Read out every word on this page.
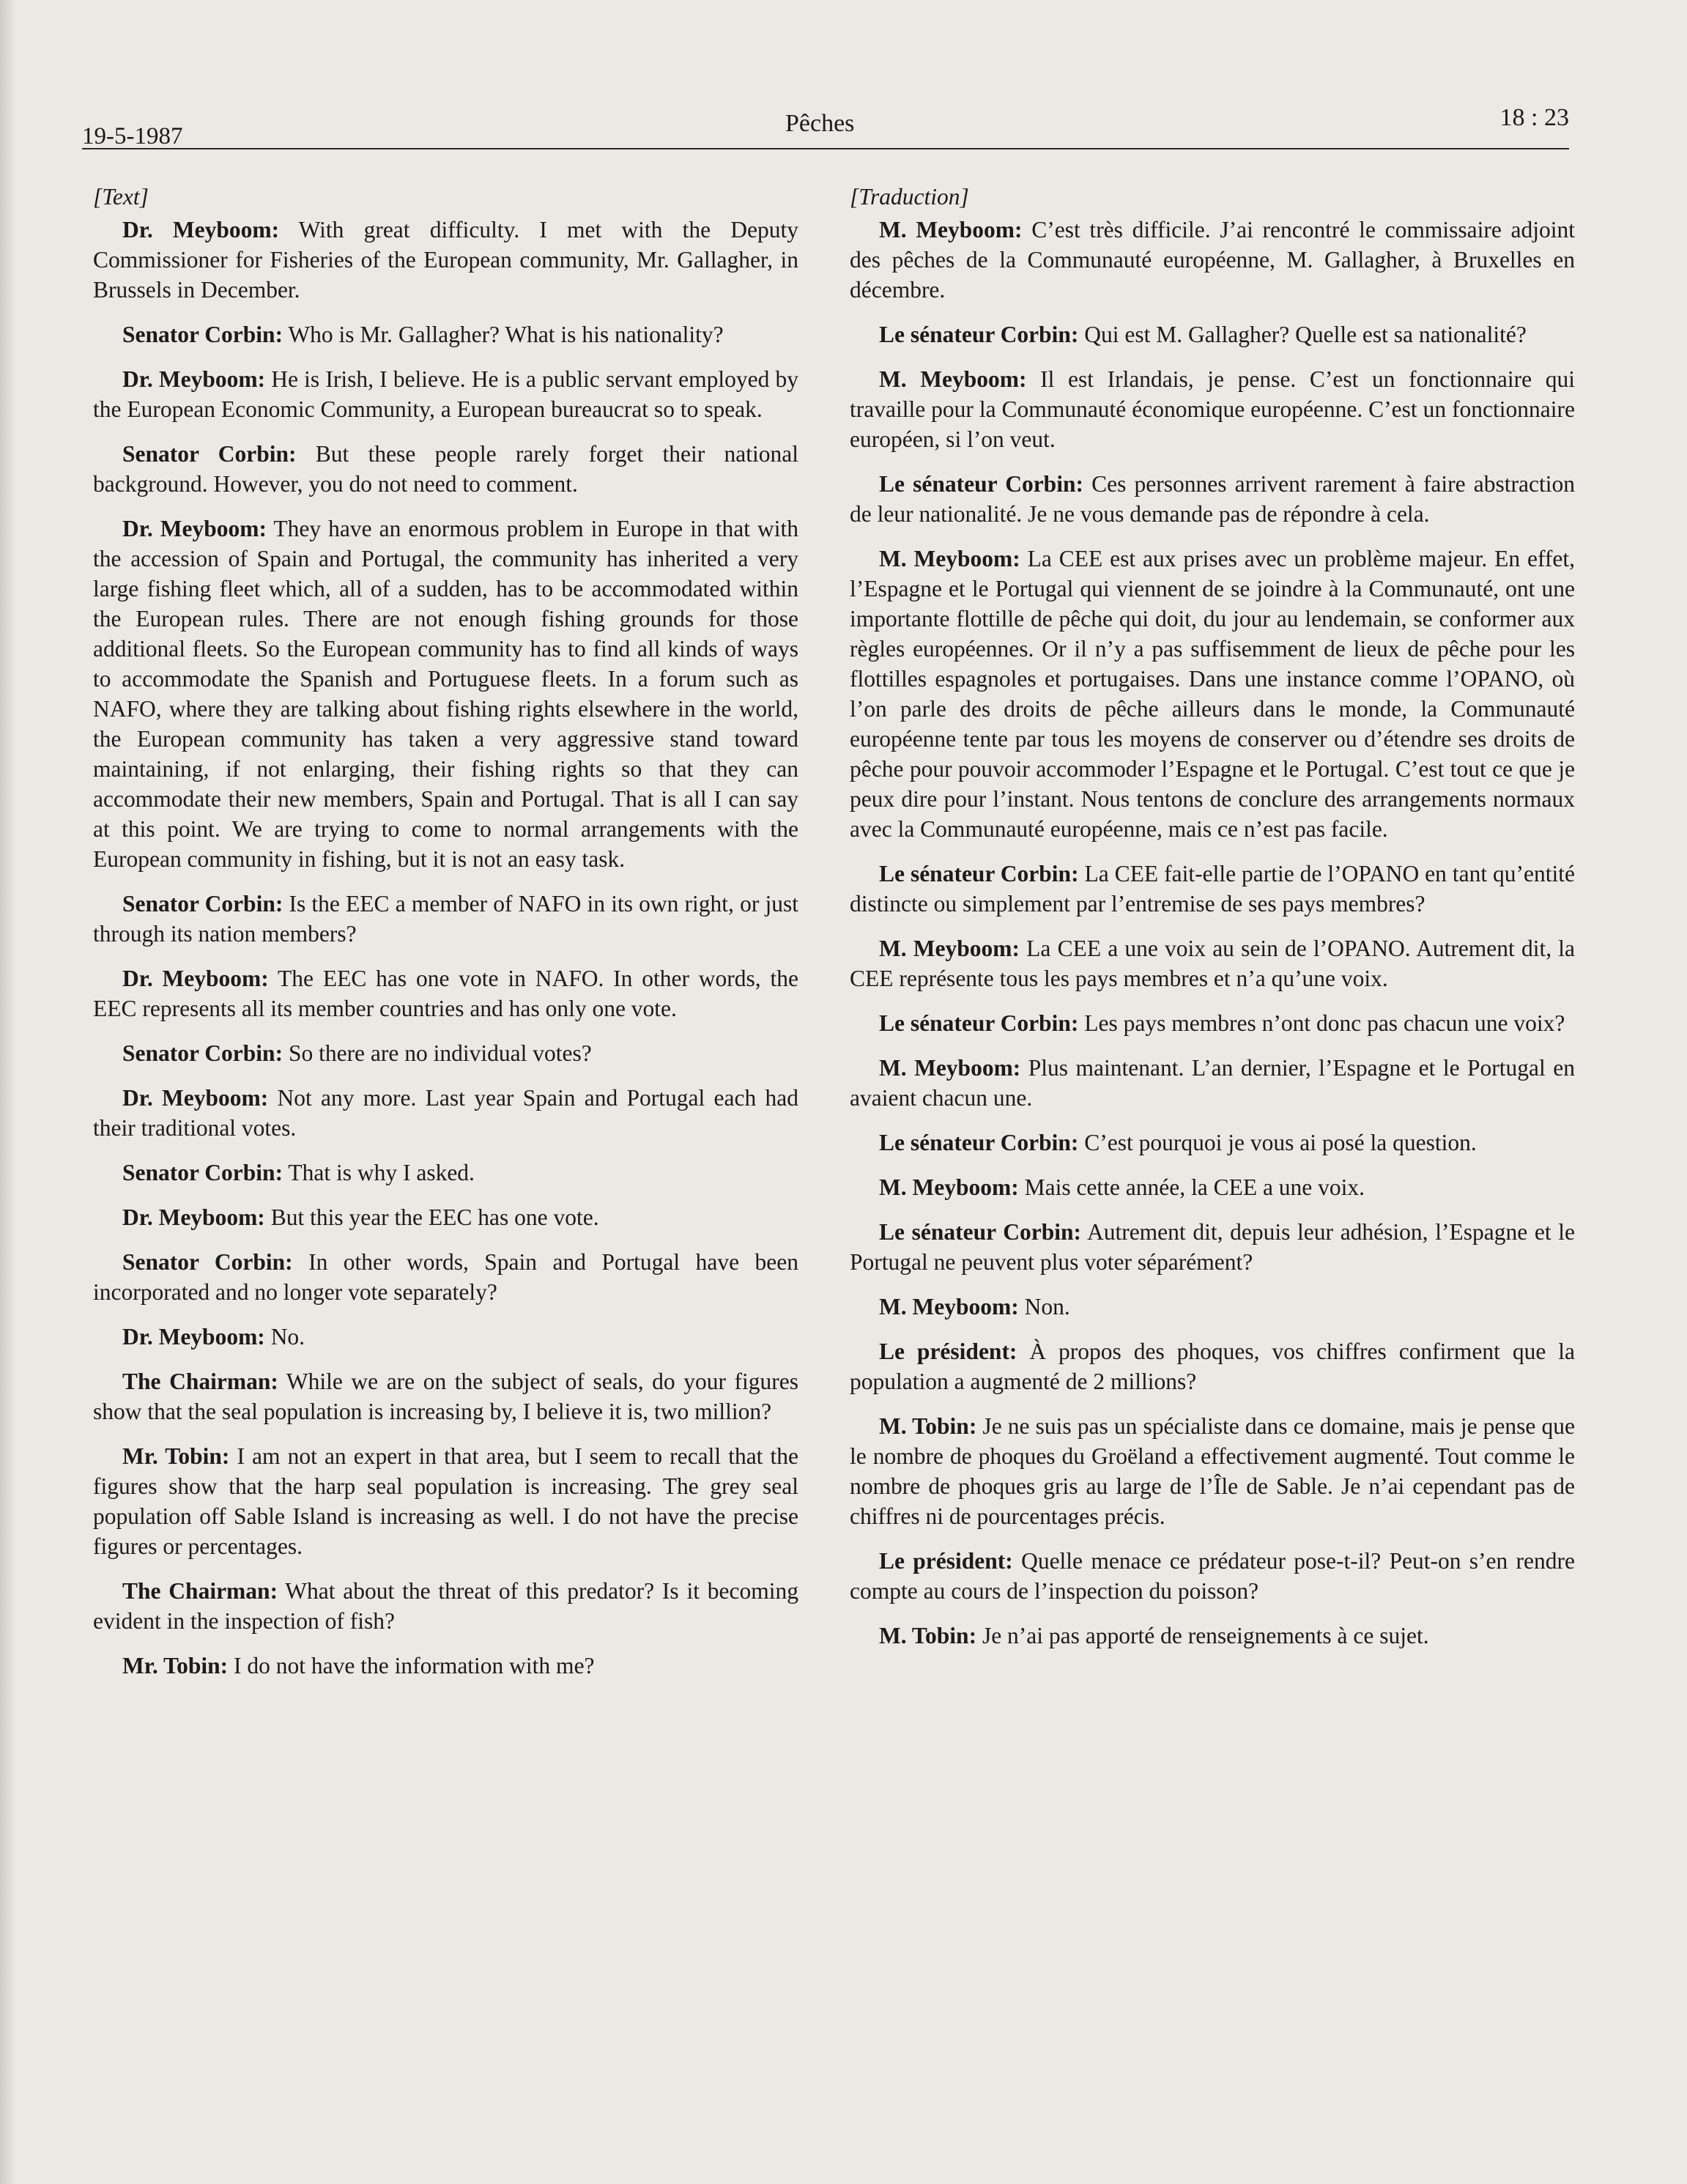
19-5-1987	Pêches	18 : 23
[Text]

Dr. Meyboom: With great difficulty. I met with the Deputy Commissioner for Fisheries of the European community, Mr. Gallagher, in Brussels in December.

Senator Corbin: Who is Mr. Gallagher? What is his nationality?

Dr. Meyboom: He is Irish, I believe. He is a public servant employed by the European Economic Community, a European bureaucrat so to speak.

Senator Corbin: But these people rarely forget their national background. However, you do not need to comment.

Dr. Meyboom: They have an enormous problem in Europe in that with the accession of Spain and Portugal, the community has inherited a very large fishing fleet which, all of a sudden, has to be accommodated within the European rules. There are not enough fishing grounds for those additional fleets. So the European community has to find all kinds of ways to accommodate the Spanish and Portuguese fleets. In a forum such as NAFO, where they are talking about fishing rights elsewhere in the world, the European community has taken a very aggressive stand toward maintaining, if not enlarging, their fishing rights so that they can accommodate their new members, Spain and Portugal. That is all I can say at this point. We are trying to come to normal arrangements with the European community in fishing, but it is not an easy task.

Senator Corbin: Is the EEC a member of NAFO in its own right, or just through its nation members?

Dr. Meyboom: The EEC has one vote in NAFO. In other words, the EEC represents all its member countries and has only one vote.

Senator Corbin: So there are no individual votes?

Dr. Meyboom: Not any more. Last year Spain and Portugal each had their traditional votes.

Senator Corbin: That is why I asked.

Dr. Meyboom: But this year the EEC has one vote.

Senator Corbin: In other words, Spain and Portugal have been incorporated and no longer vote separately?

Dr. Meyboom: No.

The Chairman: While we are on the subject of seals, do your figures show that the seal population is increasing by, I believe it is, two million?

Mr. Tobin: I am not an expert in that area, but I seem to recall that the figures show that the harp seal population is increasing. The grey seal population off Sable Island is increasing as well. I do not have the precise figures or percentages.

The Chairman: What about the threat of this predator? Is it becoming evident in the inspection of fish?

Mr. Tobin: I do not have the information with me?

[Traduction]

M. Meyboom: C’est très difficile. J’ai rencontré le commissaire adjoint des pêches de la Communauté européenne, M. Gallagher, à Bruxelles en décembre.

Le sénateur Corbin: Qui est M. Gallagher? Quelle est sa nationalité?

M. Meyboom: Il est Irlandais, je pense. C’est un fonctionnaire qui travaille pour la Communauté économique européenne. C’est un fonctionnaire européen, si l’on veut.

Le sénateur Corbin: Ces personnes arrivent rarement à faire abstraction de leur nationalité. Je ne vous demande pas de répondre à cela.

M. Meyboom: La CEE est aux prises avec un problème majeur. En effet, l’Espagne et le Portugal qui viennent de se joindre à la Communauté, ont une importante flottille de pêche qui doit, du jour au lendemain, se conformer aux règles européennes. Or il n’y a pas suffisemment de lieux de pêche pour les flottilles espagnoles et portugaises. Dans une instance comme l’OPANO, où l’on parle des droits de pêche ailleurs dans le monde, la Communauté européenne tente par tous les moyens de conserver ou d’étendre ses droits de pêche pour pouvoir accommoder l’Espagne et le Portugal. C’est tout ce que je peux dire pour l’instant. Nous tentons de conclure des arrangements normaux avec la Communauté européenne, mais ce n’est pas facile.

Le sénateur Corbin: La CEE fait-elle partie de l’OPANO en tant qu’entité distincte ou simplement par l’entremise de ses pays membres?

M. Meyboom: La CEE a une voix au sein de l’OPANO. Autrement dit, la CEE représente tous les pays membres et n’a qu’une voix.

Le sénateur Corbin: Les pays membres n’ont donc pas chacun une voix?

M. Meyboom: Plus maintenant. L’an dernier, l’Espagne et le Portugal en avaient chacun une.

Le sénateur Corbin: C’est pourquoi je vous ai posé la question.

M. Meyboom: Mais cette année, la CEE a une voix.

Le sénateur Corbin: Autrement dit, depuis leur adhésion, l’Espagne et le Portugal ne peuvent plus voter séparément?

M. Meyboom: Non.

Le président: À propos des phoques, vos chiffres confirment que la population a augmenté de 2 millions?

M. Tobin: Je ne suis pas un spécialiste dans ce domaine, mais je pense que le nombre de phoques du Groëland a effectivement augmenté. Tout comme le nombre de phoques gris au large de l’Île de Sable. Je n’ai cependant pas de chiffres ni de pourcentages précis.

Le président: Quelle menace ce prédateur pose-t-il? Peut-on s’en rendre compte au cours de l’inspection du poisson?

M. Tobin: Je n’ai pas apporté de renseignements à ce sujet.
